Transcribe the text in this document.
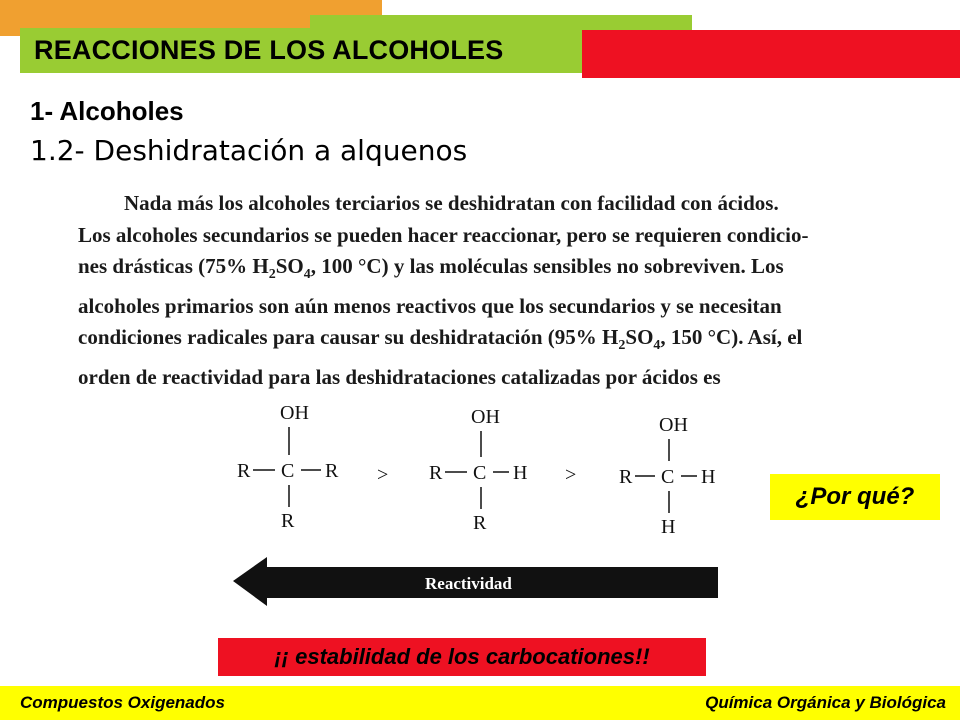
REACCIONES DE LOS ALCOHOLES
1- Alcoholes
1.2- Deshidratación a alquenos

Nada más los alcoholes terciarios se deshidratan con facilidad con ácidos.

Los alcoholes secundarios se pueden hacer reaccionar, pero se requieren condicio-

nes drásticas (75% $H_2SO_4$, 100 °C) y las moléculas sensibles no sobreviven. Los

alcoholes primarios son aún menos reactivos que los secundarios y se necesitan

condiciones radicales para causar su deshidratación (95% $H_2SO_4$, 150 °C). Así, el

orden de reactividad para las deshidrataciones catalizadas por ácidos es

OH
R C R
R
>
OH
R C H
R
>
OH
R C H
H
Reactividad
¿Por qué?
¡¡ estabilidad de los carbocationes!!
Compuestos Oxigenados	Química Orgánica y Biológica
